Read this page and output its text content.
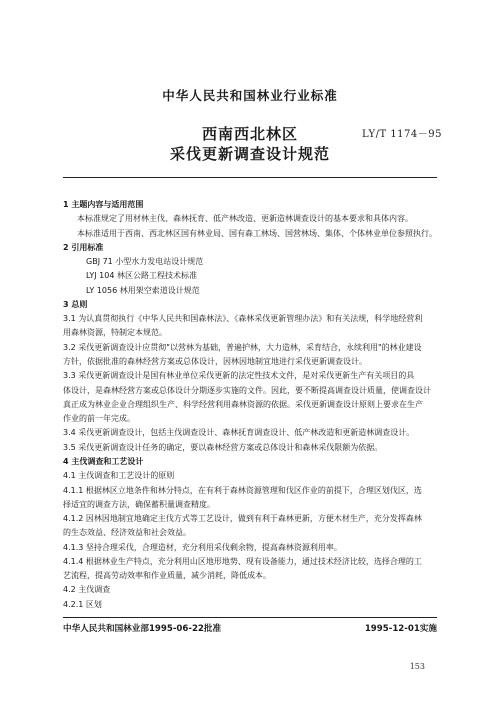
中华人民共和国林业行业标准
西南西北林区
采伐更新调查设计规范
LY/T 1174－95
1 主题内容与适用范围
本标准规定了用材林主伐、森林抚育、低产林改造、更新造林调查设计的基本要求和具体内容。
本标准适用于西南、西北林区国有林业局、国有森工林场、国营林场、集体、个体林业单位参照执行。
2 引用标准
GBJ 71 小型水力发电站设计规范
LYJ 104 林区公路工程技术标准
LY 1056 林用架空索道设计规范
3 总则
3.1 为认真贯彻执行《中华人民共和国森林法》、《森林采伐更新管理办法》和有关法规，科学地经营利
用森林资源，特制定本规范。
3.2 采伐更新调查设计应贯彻"以营林为基础，普遍护林，大力造林，采育结合，永续利用"的林业建设
方针，依据批准的森林经营方案或总体设计，因林因地制宜地进行采伐更新调查设计。
3.3 采伐更新调查设计是国有林业单位采伐更新的法定性技术文件，是对采伐更新生产有关项目的具
体设计，是森林经营方案或总体设计分期逐步实施的文件。因此，要不断提高调查设计质量，使调查设计
真正成为林业企业合理组织生产、科学经营利用森林资源的依据。采伐更新调查设计原则上要求在生产
作业的前一年完成。
3.4 采伐更新调查设计，包括主伐调查设计、森林抚育调查设计、低产林改造和更新造林调查设计。
3.5 采伐更新调查设计任务的确定，要以森林经营方案或总体设计和森林采伐限额为依据。
4 主伐调查和工艺设计
4.1 主伐调查和工艺设计的原则
4.1.1 根据林区立地条件和林分特点，在有利于森林资源管理和伐区作业的前提下，合理区划伐区，选
择适宜的调查方法，确保蓄积量调查精度。
4.1.2 因林因地制宜地确定主伐方式等工艺设计，做到有利于森林更新，方便木材生产，充分发挥森林
的生态效益、经济效益和社会效益。
4.1.3 坚持合理采伐，合理造材，充分利用采伐剩余物，提高森林资源利用率。
4.1.4 根据林业生产特点，充分利用山区地形地势、现有设备能力，通过技术经济比较，选择合理的工
艺流程，提高劳动效率和作业质量，减少消耗，降低成本。
中华人民共和国林业部1995-06-22批准	1995-12-01实施
153
4.2 主伐调查
4.2.1 区划
